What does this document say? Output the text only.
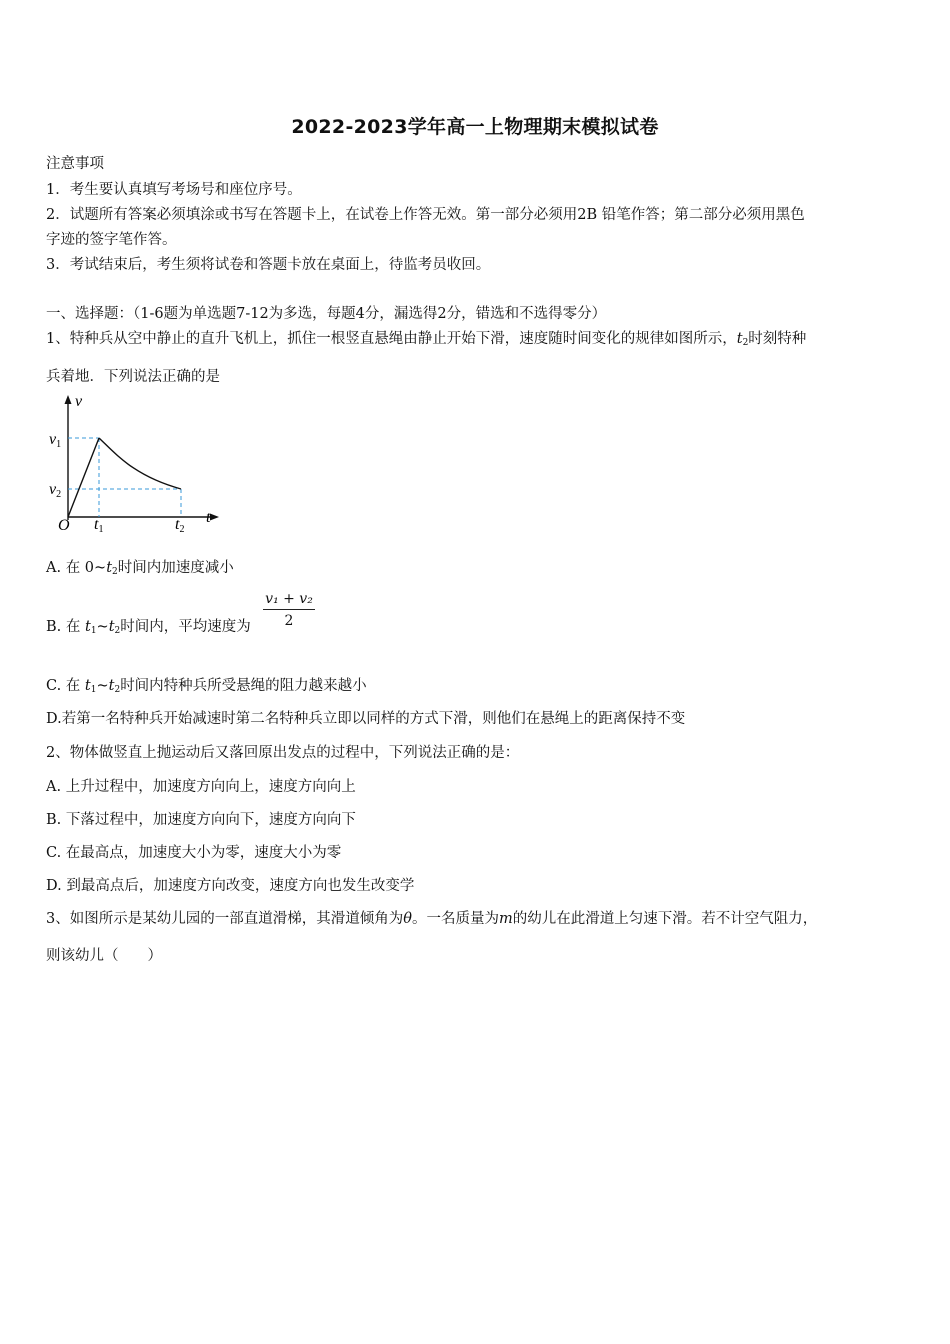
2022-2023学年高一上物理期末模拟试卷
注意事项
1．考生要认真填写考场号和座位序号。
2．试题所有答案必须填涂或书写在答题卡上，在试卷上作答无效。第一部分必须用2B 铅笔作答；第二部分必须用黑色
字迹的签字笔作答。
3．考试结束后，考生须将试卷和答题卡放在桌面上，待监考员收回。
一、选择题：（1-6题为单选题7-12为多选，每题4分，漏选得2分，错选和不选得零分）
1、特种兵从空中静止的直升飞机上，抓住一根竖直悬绳由静止开始下滑，速度随时间变化的规律如图所示，$t_2$时刻特种
兵着地．下列说法正确的是
v
t
O
v1
v2
t1	t2
A. 在 $0\sim t_2$时间内加速度减小
B. 在 $t_1\sim t_2$时间内，平均速度为
v₁ + v₂
2
C. 在 $t_1\sim t_2$时间内特种兵所受悬绳的阻力越来越小
D.若第一名特种兵开始减速时第二名特种兵立即以同样的方式下滑，则他们在悬绳上的距离保持不变
2、物体做竖直上抛运动后又落回原出发点的过程中，下列说法正确的是：
A. 上升过程中，加速度方向向上，速度方向向上
B. 下落过程中，加速度方向向下，速度方向向下
C. 在最高点，加速度大小为零，速度大小为零
D. 到最高点后，加速度方向改变，速度方向也发生改变学
3、如图所示是某幼儿园的一部直道滑梯，其滑道倾角为θ。一名质量为m的幼儿在此滑道上匀速下滑。若不计空气阻力，
则该幼儿（　　）
